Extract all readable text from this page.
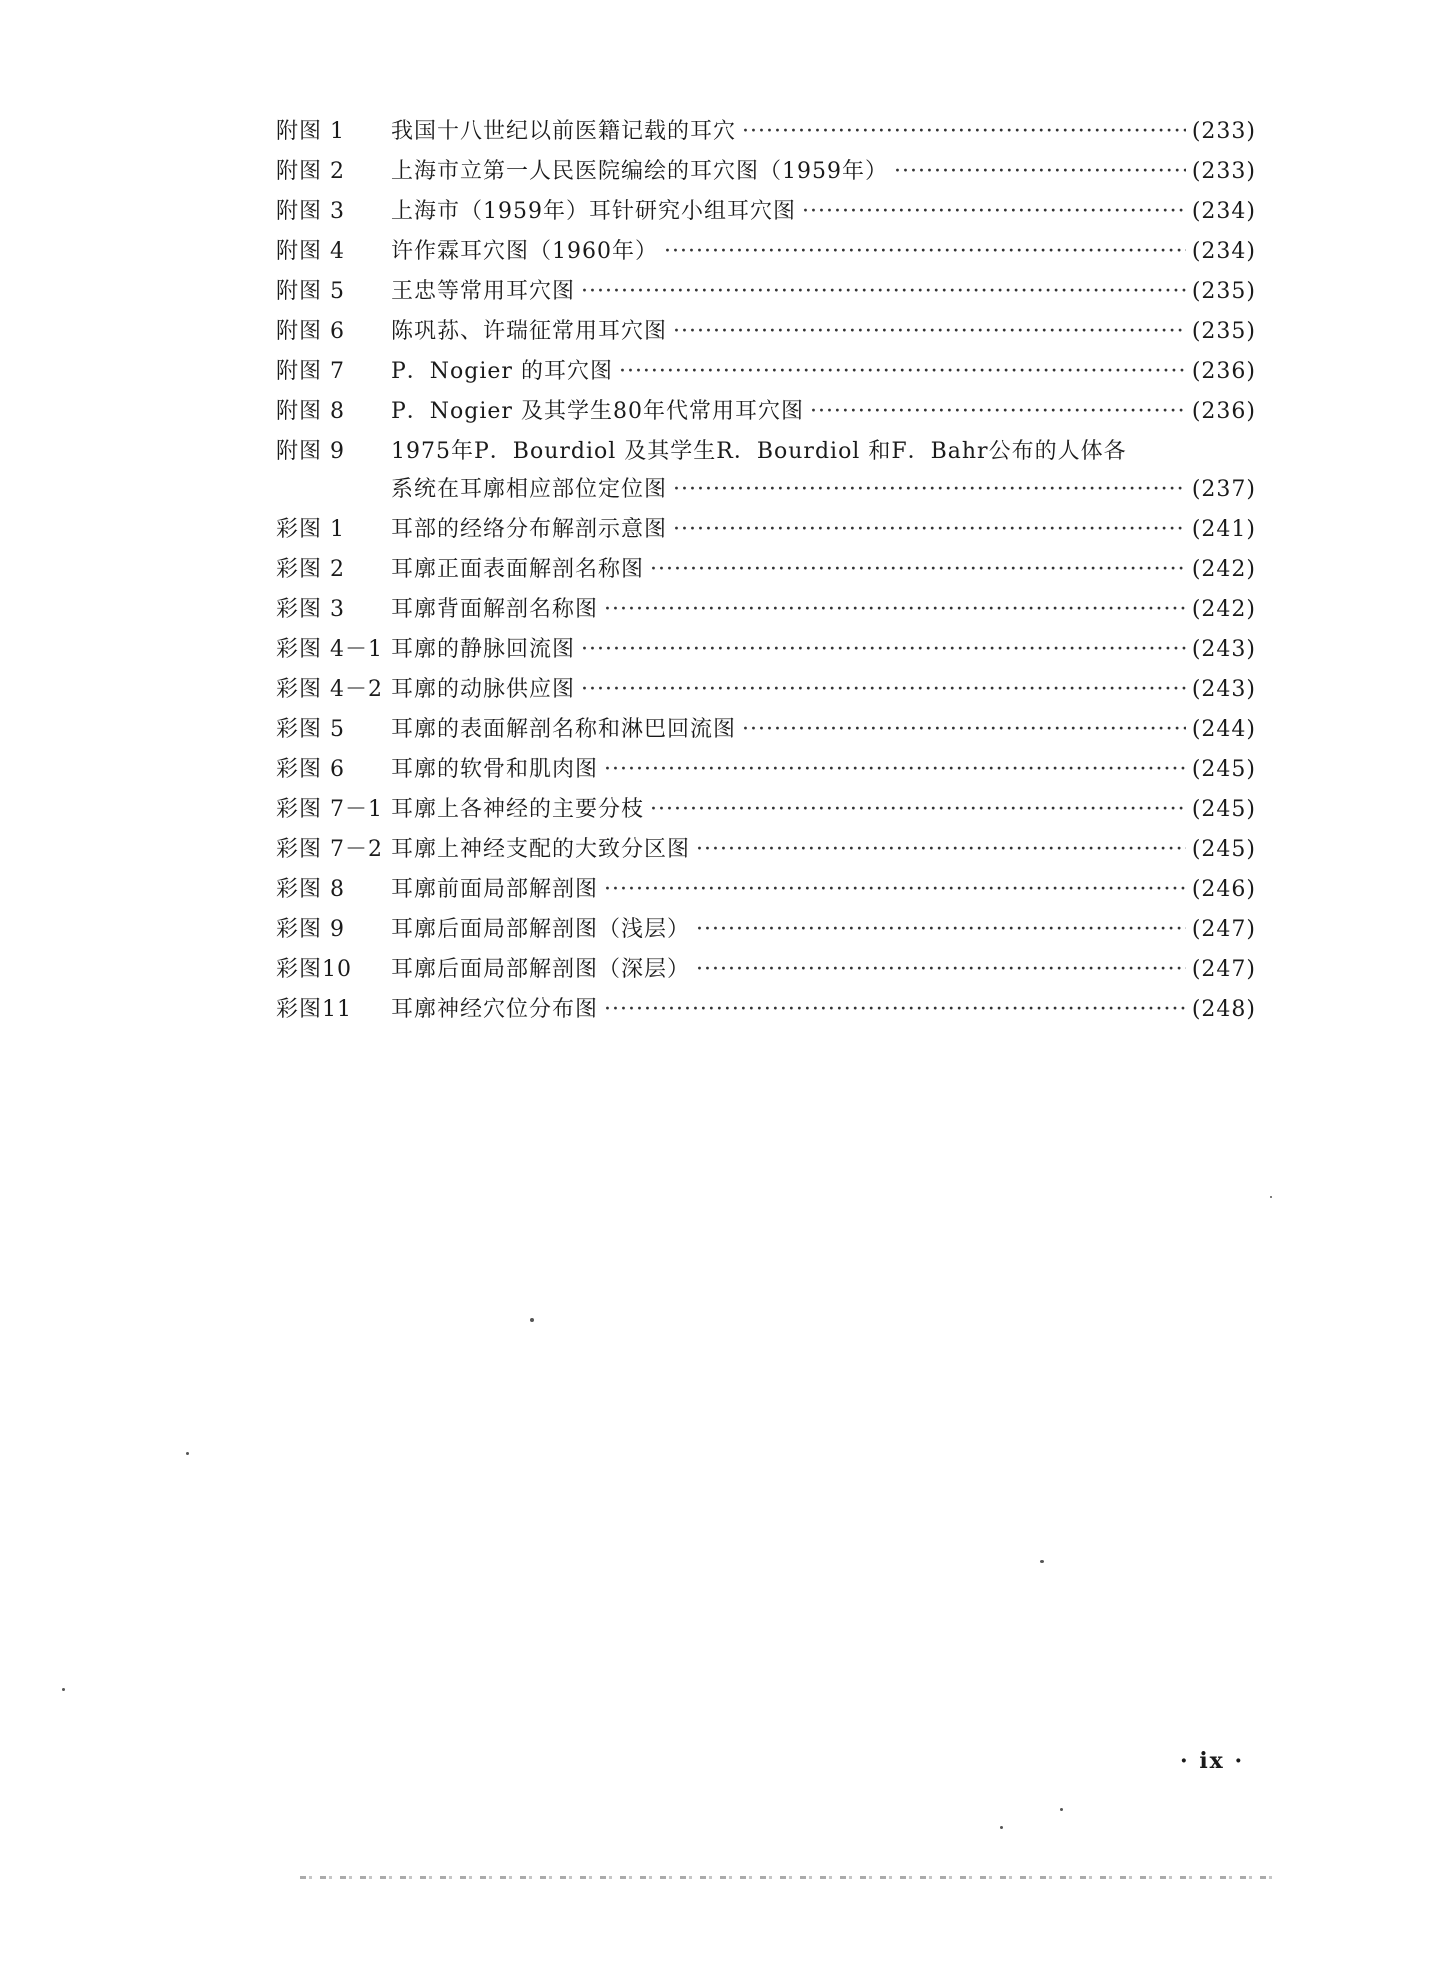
附图 1	我国十八世纪以前医籍记载的耳穴 ·····	(233)
附图 2	上海市立第一人民医院编绘的耳穴图（1959年） ·····	(233)
附图 3	上海市（1959年）耳针研究小组耳穴图 ·····	(234)
附图 4	许作霖耳穴图（1960年） ·····	(234)
附图 5	王忠等常用耳穴图 ·····	(235)
附图 6	陈巩荪、许瑞征常用耳穴图 ·····	(235)
附图 7	P．Nogier 的耳穴图 ·····	(236)
附图 8	P．Nogier 及其学生80年代常用耳穴图 ·····	(236)
附图 9	1975年P．Bourdiol 及其学生R．Bourdiol 和F．Bahr公布的人体各
系统在耳廓相应部位定位图 ·····	(237)
彩图 1	耳部的经络分布解剖示意图 ·····	(241)
彩图 2	耳廓正面表面解剖名称图 ·····	(242)
彩图 3	耳廓背面解剖名称图 ·····	(242)
彩图 4－1 耳廓的静脉回流图 ·····	(243)
彩图 4－2 耳廓的动脉供应图 ·····	(243)
彩图 5	耳廓的表面解剖名称和淋巴回流图 ·····	(244)
彩图 6	耳廓的软骨和肌肉图 ·····	(245)
彩图 7－1 耳廓上各神经的主要分枝 ·····	(245)
彩图 7－2 耳廓上神经支配的大致分区图 ·····	(245)
彩图 8	耳廓前面局部解剖图 ·····	(246)
彩图 9	耳廓后面局部解剖图（浅层） ·····	(247)
彩图10	耳廓后面局部解剖图（深层） ·····	(247)
彩图11	耳廓神经穴位分布图 ·····	(248)
· ix ·
